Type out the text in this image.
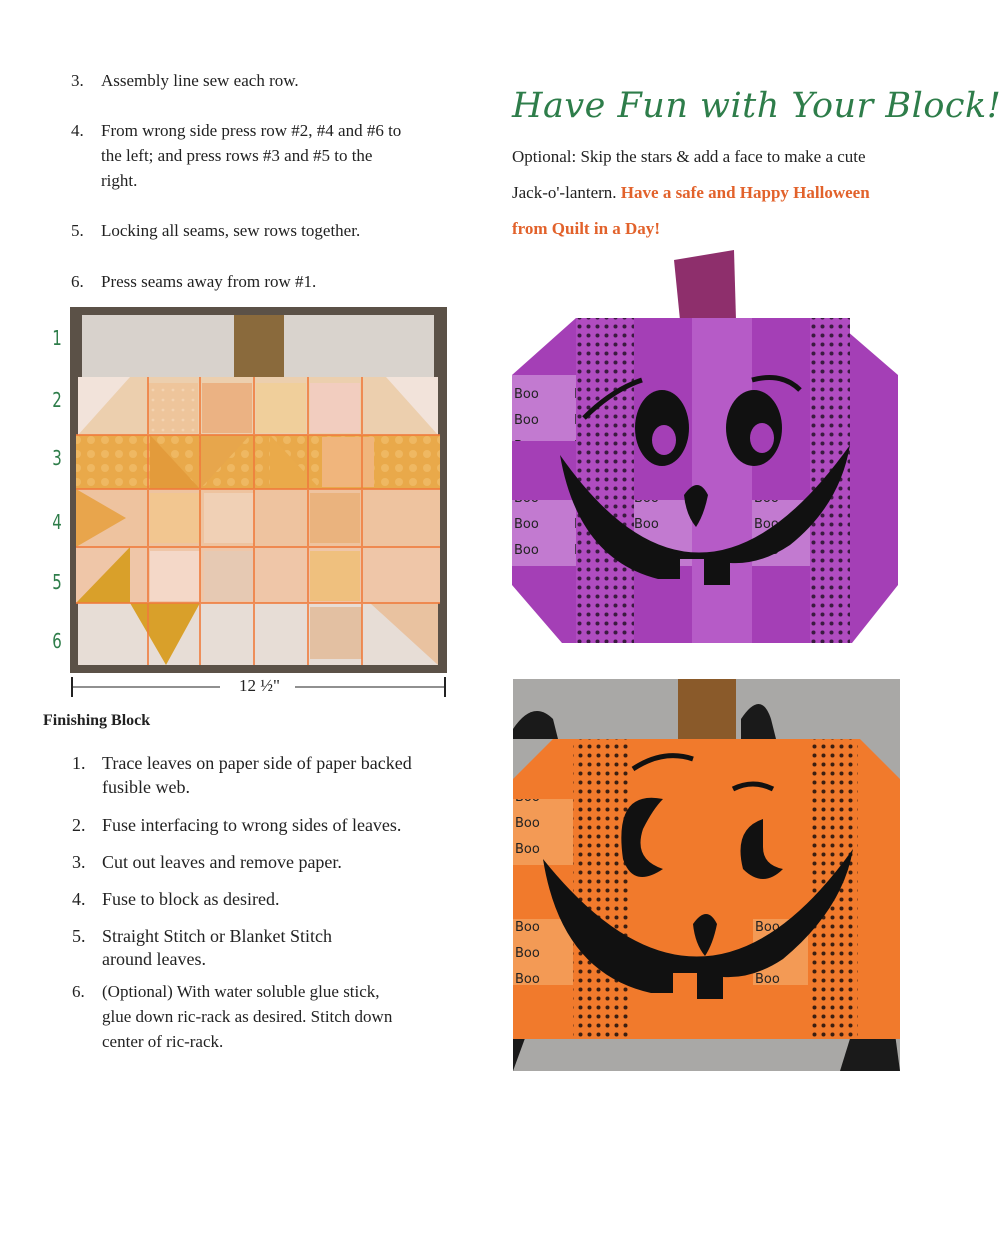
3. Assembly line sew each row.
4. From wrong side press row #2, #4 and #6 to
the left; and press rows #3 and #5 to the
right.
5. Locking all seams, sew rows together.
6. Press seams away from row #1.
1
2
3
4
5
6
12 ½"
Finishing Block
1. Trace leaves on paper side of paper backed
fusible web.
2. Fuse interfacing to wrong sides of leaves.
3. Cut out leaves and remove paper.
4. Fuse to block as desired.
5. Straight Stitch or Blanket Stitch
around leaves.
6. (Optional) With water soluble glue stick,
glue down ric-rack as desired. Stitch down
center of ric-rack.
Have Fun with Your Block!
Optional: Skip the stars & add a face to make a cute
Jack-o'-lantern. Have a safe and Happy Halloween
from Quilt in a Day!
